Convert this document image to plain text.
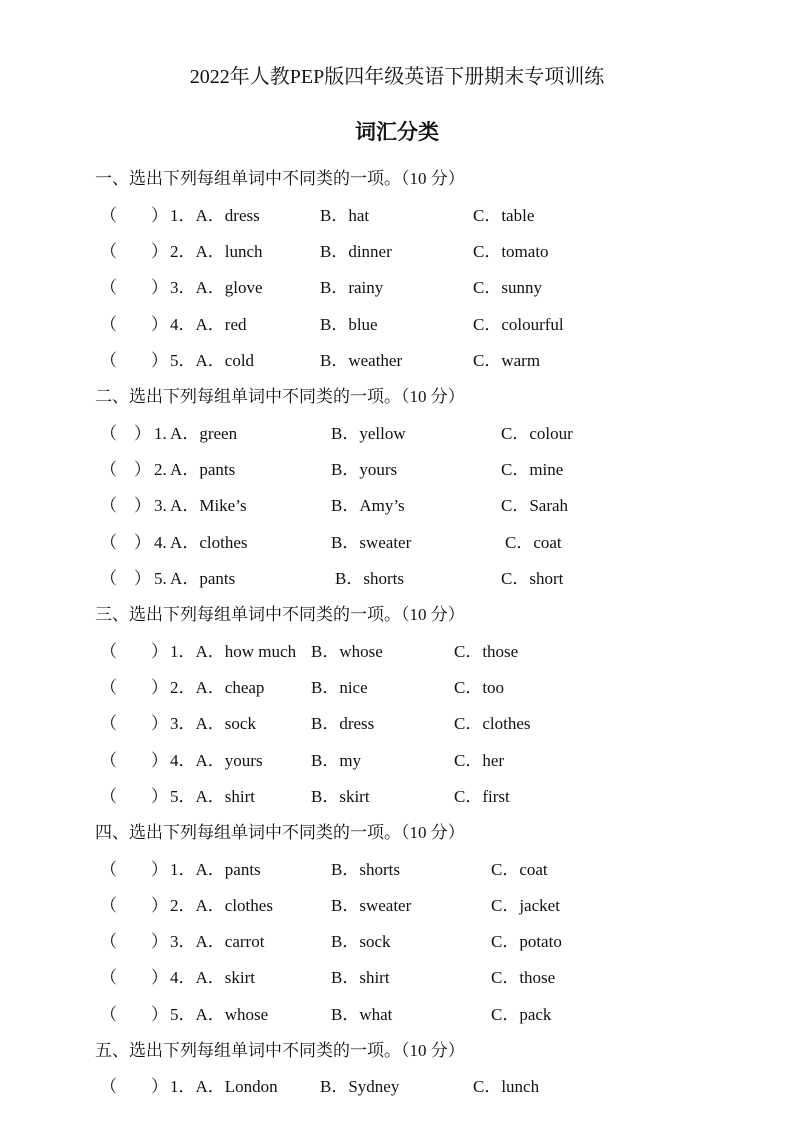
2022年人教PEP版四年级英语下册期末专项训练
词汇分类
一、选出下列每组单词中不同类的一项。（10 分）
（　　） 1．A．dress	B．hat	C．table
（　　） 2．A．lunch	B．dinner	C．tomato
（　　） 3．A．glove	B．rainy	C．sunny
（　　） 4．A．red	B．blue	C．colourful
（　　） 5．A．cold	B．weather	C．warm
二、选出下列每组单词中不同类的一项。（10 分）
（　） 1. A．green	B．yellow	C．colour
（　） 2. A．pants	B．yours	C．mine
（　） 3. A．Mike’s	B．Amy’s	C．Sarah
（　） 4. A．clothes	B．sweater	C．coat
（　） 5. A．pants	B．shorts	C．short
三、选出下列每组单词中不同类的一项。（10 分）
（　　） 1．A．how much B．whose	C．those
（　　） 2．A．cheap	B．nice	C．too
（　　） 3．A．sock	B．dress	C．clothes
（　　） 4．A．yours	B．my	C．her
（　　） 5．A．shirt	B．skirt	C．first
四、选出下列每组单词中不同类的一项。（10 分）
（　　） 1．A．pants	B．shorts	C．coat
（　　） 2．A．clothes	B．sweater	C．jacket
（　　） 3．A．carrot	B．sock	C．potato
（　　） 4．A．skirt	B．shirt	C．those
（　　） 5．A．whose	B．what	C．pack
五、选出下列每组单词中不同类的一项。（10 分）
（　　） 1．A．London B．Sydney	C．lunch
